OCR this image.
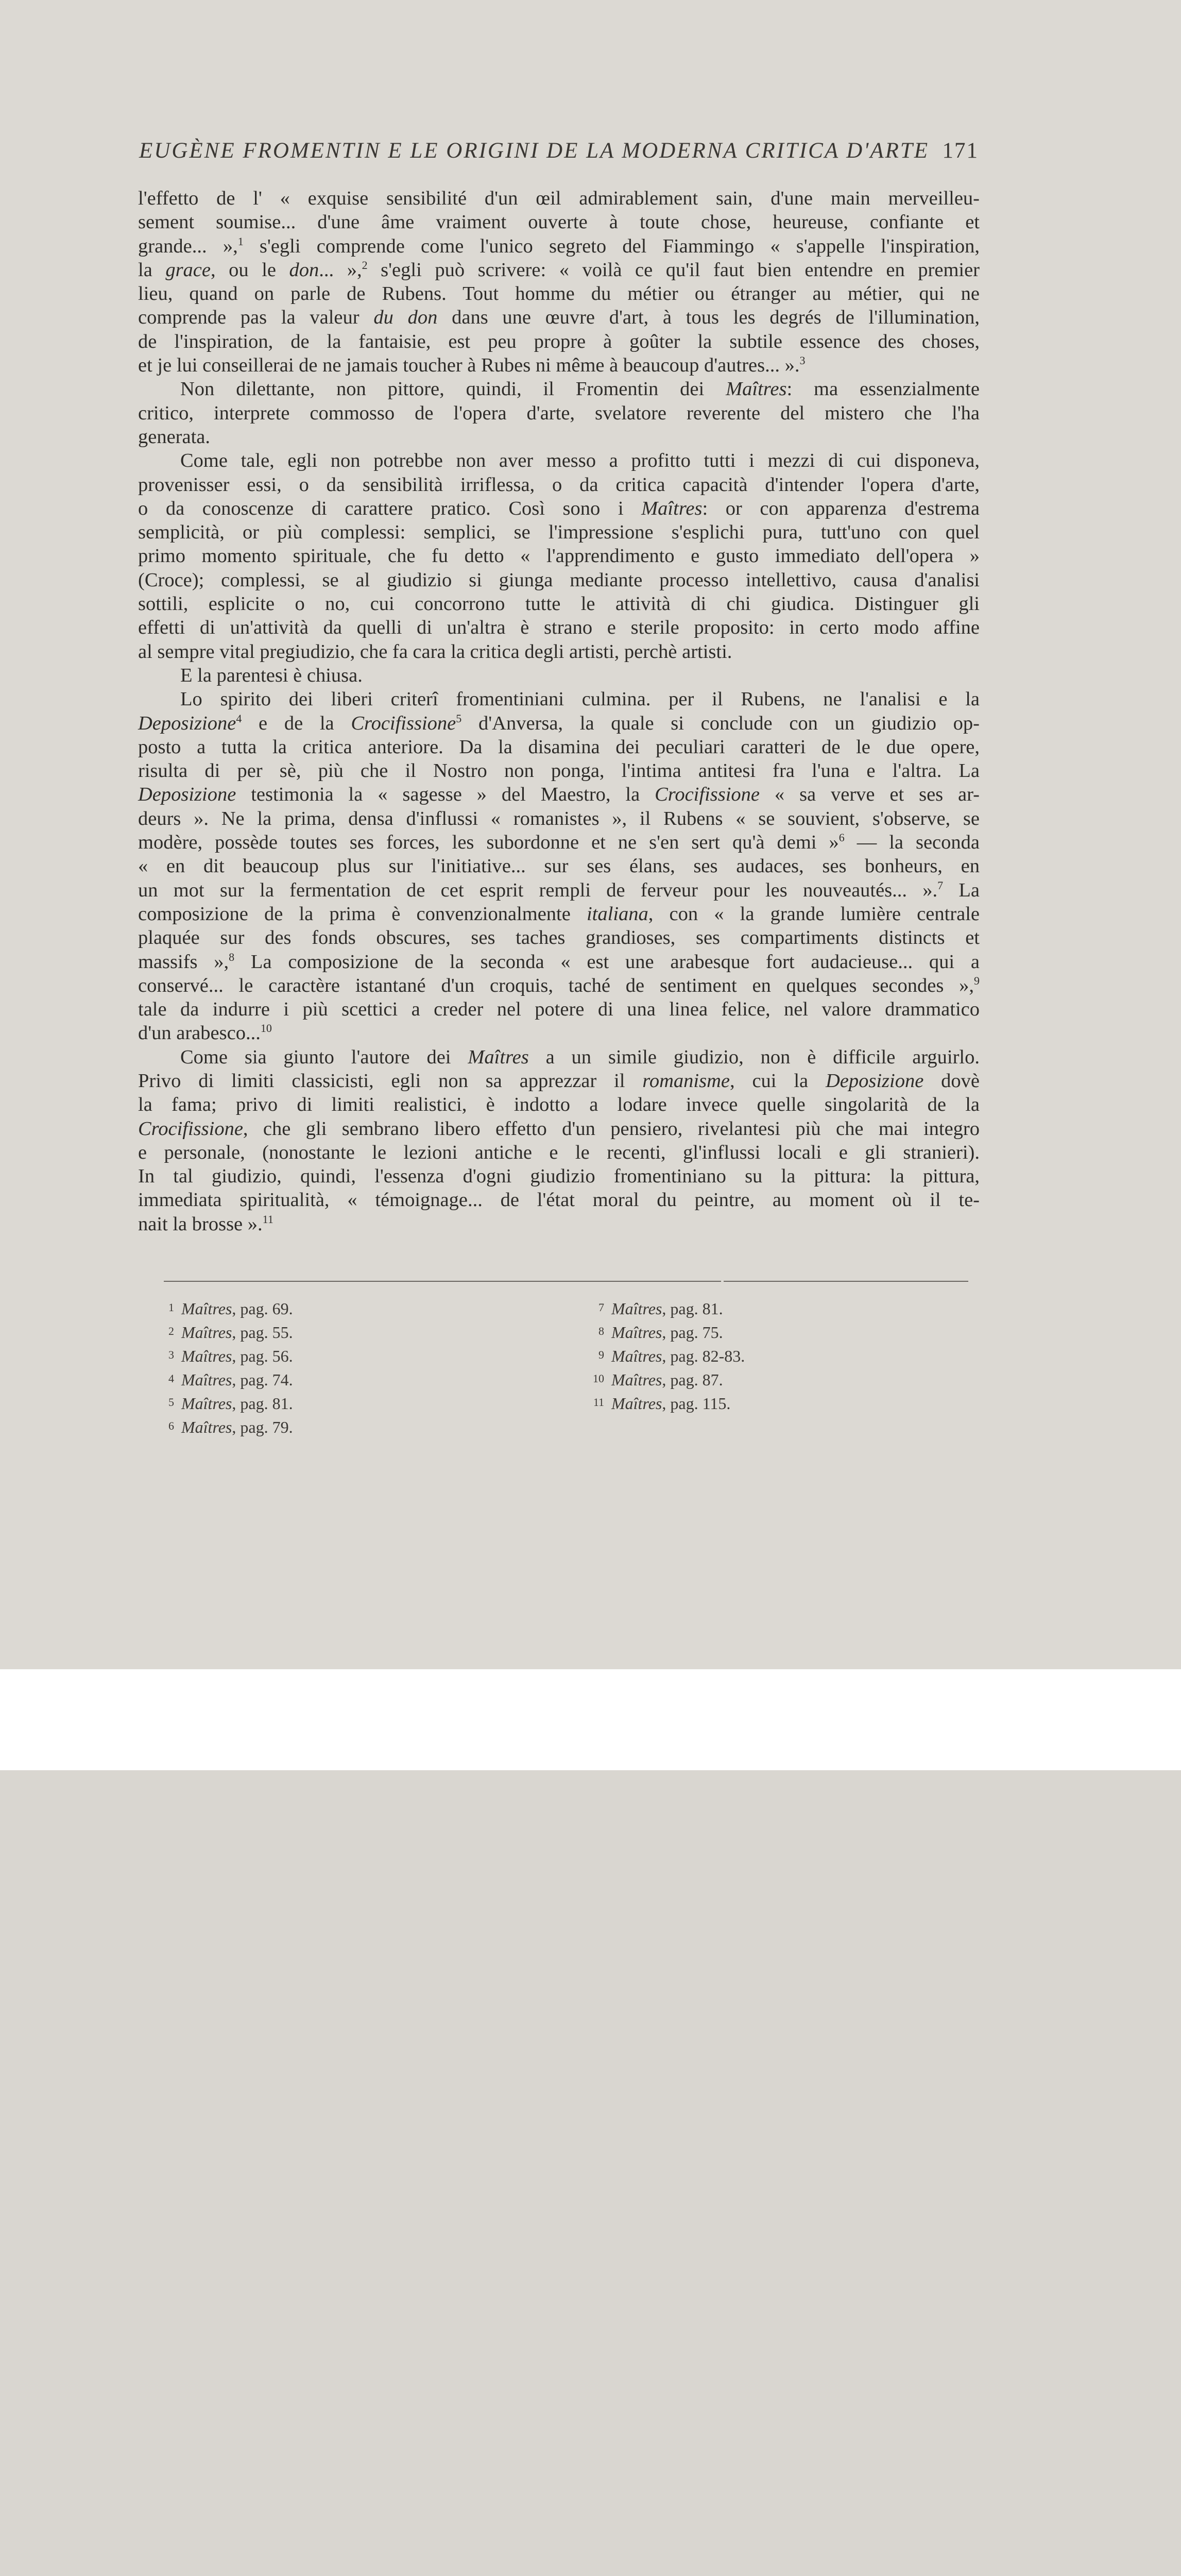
EUGÈNE FROMENTIN E LE ORIGINI DE LA MODERNA CRITICA D'ARTE 171
l'effetto de l' « exquise sensibilité d'un œil admirablement sain, d'une main merveilleu-
sement soumise... d'une âme vraiment ouverte à toute chose, heureuse, confiante et
grande... »,$^1$ s'egli comprende come l'unico segreto del Fiammingo « s'appelle l'inspiration,
la grace, ou le don... »,$^2$ s'egli può scrivere: « voilà ce qu'il faut bien entendre en premier
lieu, quand on parle de Rubens. Tout homme du métier ou étranger au métier, qui ne
comprende pas la valeur du don dans une œuvre d'art, à tous les degrés de l'illumination,
de l'inspiration, de la fantaisie, est peu propre à goûter la subtile essence des choses,
et je lui conseillerai de ne jamais toucher à Rubes ni même à beaucoup d'autres... ».$^3$
Non dilettante, non pittore, quindi, il Fromentin dei Maîtres: ma essenzialmente
critico, interprete commosso de l'opera d'arte, svelatore reverente del mistero che l'ha
generata.
Come tale, egli non potrebbe non aver messo a profitto tutti i mezzi di cui disponeva,
provenisser essi, o da sensibilità irriflessa, o da critica capacità d'intender l'opera d'arte,
o da conoscenze di carattere pratico. Così sono i Maîtres: or con apparenza d'estrema
semplicità, or più complessi: semplici, se l'impressione s'esplichi pura, tutt'uno con quel
primo momento spirituale, che fu detto « l'apprendimento e gusto immediato dell'opera »
(Croce); complessi, se al giudizio si giunga mediante processo intellettivo, causa d'analisi
sottili, esplicite o no, cui concorrono tutte le attività di chi giudica. Distinguer gli
effetti di un'attività da quelli di un'altra è strano e sterile proposito: in certo modo affine
al sempre vital pregiudizio, che fa cara la critica degli artisti, perchè artisti.
E la parentesi è chiusa.
Lo spirito dei liberi criterî fromentiniani culmina. per il Rubens, ne l'analisi e la
Deposizione$^4$ e de la Crocifissione$^5$ d'Anversa, la quale si conclude con un giudizio op-
posto a tutta la critica anteriore. Da la disamina dei peculiari caratteri de le due opere,
risulta di per sè, più che il Nostro non ponga, l'intima antitesi fra l'una e l'altra. La
Deposizione testimonia la « sagesse » del Maestro, la Crocifissione « sa verve et ses ar-
deurs ». Ne la prima, densa d'influssi « romanistes », il Rubens « se souvient, s'observe, se
modère, possède toutes ses forces, les subordonne et ne s'en sert qu'à demi »$^6$ — la seconda
« en dit beaucoup plus sur l'initiative... sur ses élans, ses audaces, ses bonheurs, en
un mot sur la fermentation de cet esprit rempli de ferveur pour les nouveautés... ».$^7$ La
composizione de la prima è convenzionalmente italiana, con « la grande lumière centrale
plaquée sur des fonds obscures, ses taches grandioses, ses compartiments distincts et
massifs »,$^8$ La composizione de la seconda « est une arabesque fort audacieuse... qui a
conservé... le caractère istantané d'un croquis, taché de sentiment en quelques secondes »,$^9$
tale da indurre i più scettici a creder nel potere di una linea felice, nel valore drammatico
d'un arabesco...$^{10}$
Come sia giunto l'autore dei Maîtres a un simile giudizio, non è difficile arguirlo.
Privo di limiti classicisti, egli non sa apprezzar il romanisme, cui la Deposizione dovè
la fama; privo di limiti realistici, è indotto a lodare invece quelle singolarità de la
Crocifissione, che gli sembrano libero effetto d'un pensiero, rivelantesi più che mai integro
e personale, (nonostante le lezioni antiche e le recenti, gl'influssi locali e gli stranieri).
In tal giudizio, quindi, l'essenza d'ogni giudizio fromentiniano su la pittura: la pittura,
immediata spiritualità, « témoignage... de l'état moral du peintre, au moment où il te-
nait la brosse ».$^{11}$
1 Maîtres, pag. 69.
2 Maîtres, pag. 55.
3 Maîtres, pag. 56.
4 Maîtres, pag. 74.
5 Maîtres, pag. 81.
6 Maîtres, pag. 79.
7 Maîtres, pag. 81.
8 Maîtres, pag. 75.
9 Maîtres, pag. 82-83.
10 Maîtres, pag. 87.
11 Maîtres, pag. 115.
